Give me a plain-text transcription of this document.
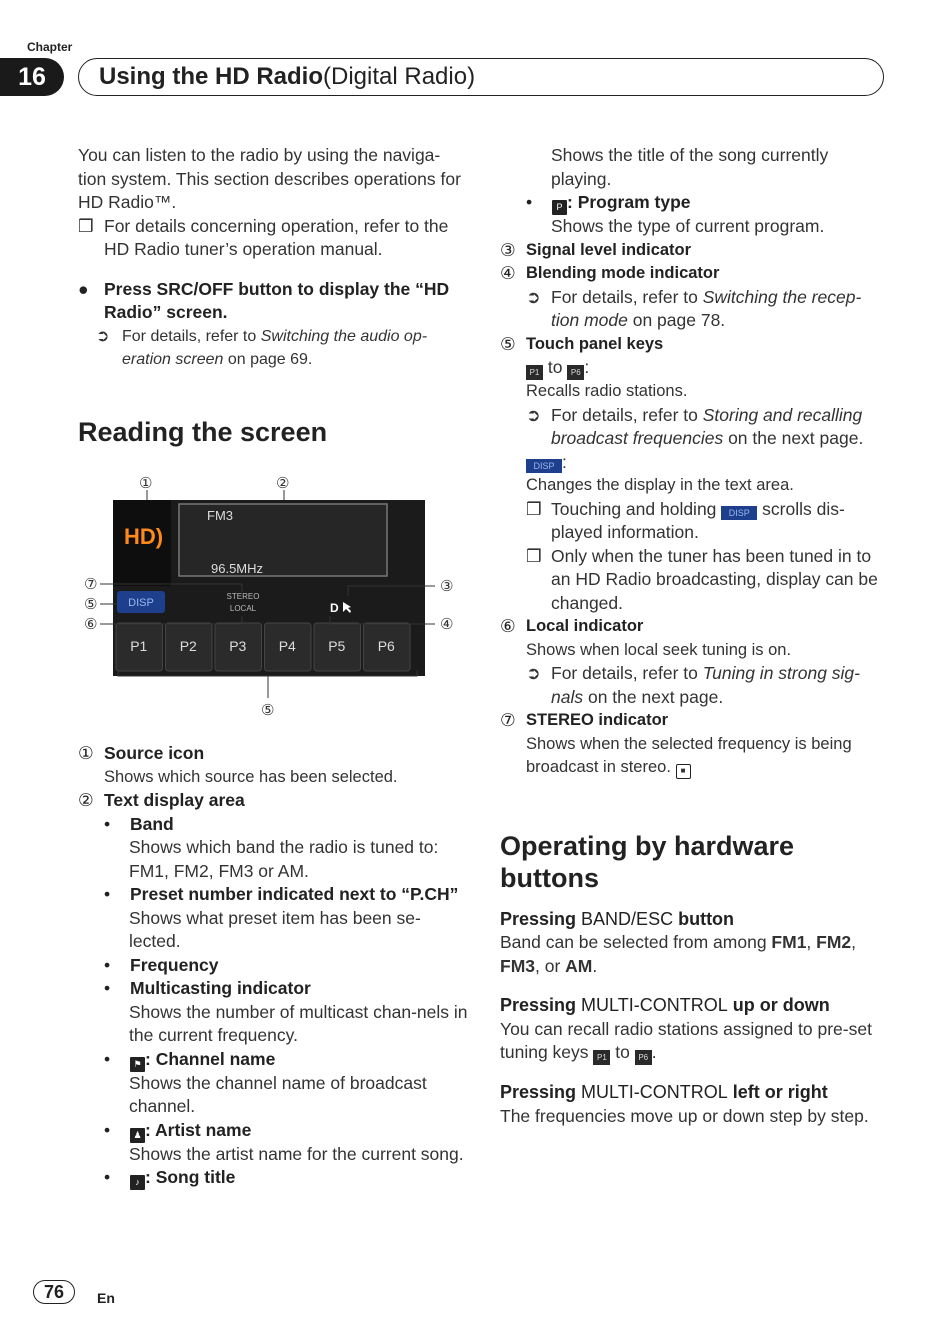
Chapter
16	Using the HD Radio (Digital Radio)

You can listen to the radio by using the naviga-tion system. This section describes operations for HD Radio™.

❒ For details concerning operation, refer to the HD Radio tuner’s operation manual.
● Press SRC/OFF button to display the “HD Radio” screen.
➲ For details, refer to Switching the audio op-eration screen on page 69.
Reading the screen
HD)
FM3
96.5MHz
DISP
STEREO
LOCAL	D
P1 P2 P3 P4 P5 P6
①	②
③
④
⑤
⑥
⑦
⑤
① Source icon
Shows which source has been selected.
② Text display area
•	Band
Shows which band the radio is tuned to: FM1, FM2, FM3 or AM.
•	Preset number indicated next to “P.CH”
Shows what preset item has been se-lected.
•	Frequency
•	Multicasting indicator
Shows the number of multicast chan-nels in the current frequency.
•	⚑ : Channel name
Shows the channel name of broadcast channel.
•	♟ : Artist name
Shows the artist name for the current song.
•	♪ : Song title
Shows the title of the song currently playing.
•	P : Program type
Shows the type of current program.
③ Signal level indicator
④ Blending mode indicator
➲ For details, refer to Switching the recep-tion mode on page 78.
⑤ Touch panel keys
P1 to P6 :
Recalls radio stations.
➲ For details, refer to Storing and recalling broadcast frequencies on the next page.
DISP :
Changes the display in the text area.
❒ Touching and holding DISP scrolls dis-played information.
❒ Only when the tuner has been tuned in to an HD Radio broadcasting, display can be changed.
⑥ Local indicator
Shows when local seek tuning is on.
➲ For details, refer to Tuning in strong sig-nals on the next page.
⑦ STEREO indicator
Shows when the selected frequency is being broadcast in stereo. ■
Operating by hardware buttons
Pressing BAND/ESC button
Band can be selected from among FM1, FM2, FM3, or AM.
Pressing MULTI-CONTROL up or down
You can recall radio stations assigned to pre-set tuning keys P1 to P6 .
Pressing MULTI-CONTROL left or right
The frequencies move up or down step by step.
76	En
